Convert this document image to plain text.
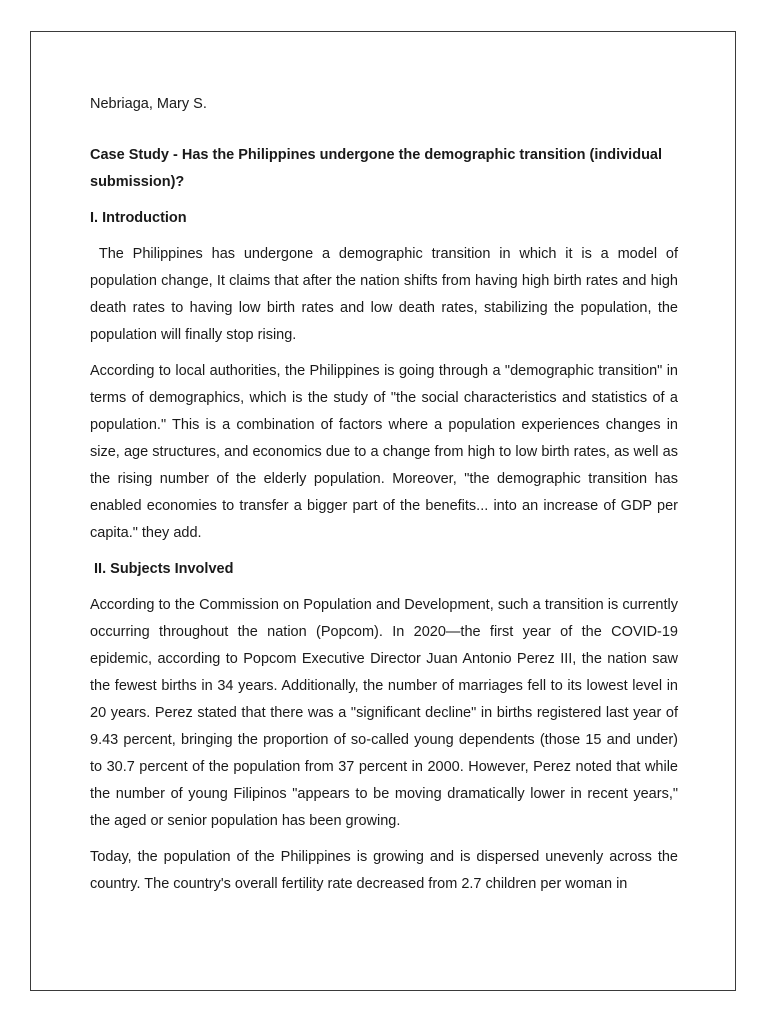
Nebriaga, Mary S.
Case Study - Has the Philippines undergone the demographic transition (individual submission)?
I. Introduction
The Philippines has undergone a demographic transition in which it is a model of population change, It claims that after the nation shifts from having high birth rates and high death rates to having low birth rates and low death rates, stabilizing the population, the population will finally stop rising.
According to local authorities, the Philippines is going through a "demographic transition" in terms of demographics, which is the study of "the social characteristics and statistics of a population." This is a combination of factors where a population experiences changes in size, age structures, and economics due to a change from high to low birth rates, as well as the rising number of the elderly population. Moreover, "the demographic transition has enabled economies to transfer a bigger part of the benefits... into an increase of GDP per capita." they add.
II. Subjects Involved
According to the Commission on Population and Development, such a transition is currently occurring throughout the nation (Popcom). In 2020—the first year of the COVID-19 epidemic, according to Popcom Executive Director Juan Antonio Perez III, the nation saw the fewest births in 34 years. Additionally, the number of marriages fell to its lowest level in 20 years. Perez stated that there was a "significant decline" in births registered last year of 9.43 percent, bringing the proportion of so-called young dependents (those 15 and under) to 30.7 percent of the population from 37 percent in 2000. However, Perez noted that while the number of young Filipinos "appears to be moving dramatically lower in recent years," the aged or senior population has been growing.
Today, the population of the Philippines is growing and is dispersed unevenly across the country. The country's overall fertility rate decreased from 2.7 children per woman in
